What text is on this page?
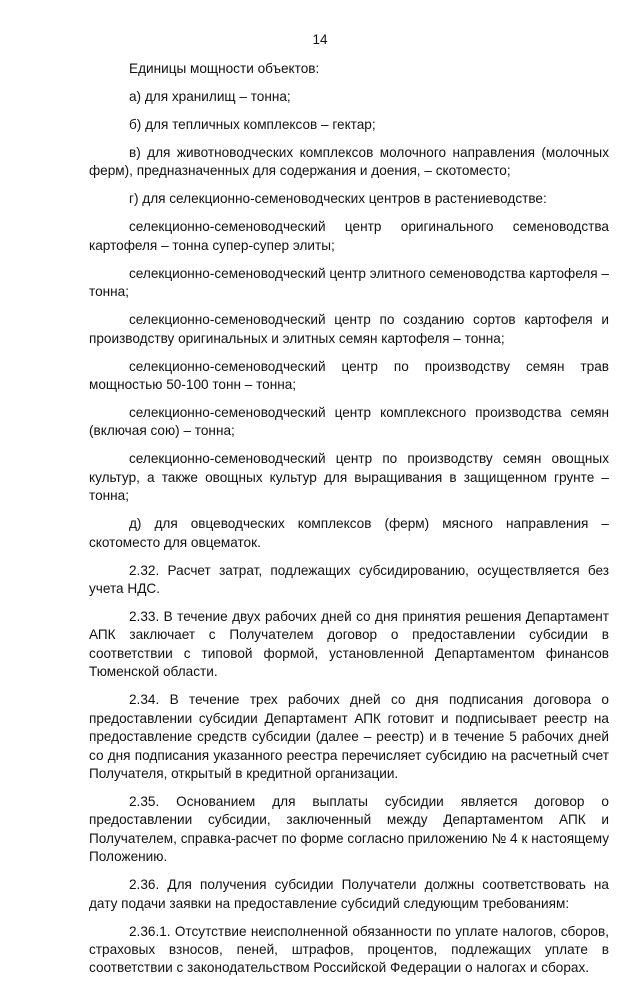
14

Единицы мощности объектов:

а) для хранилищ – тонна;

б) для тепличных комплексов – гектар;

в) для животноводческих комплексов молочного направления (молочных ферм), предназначенных для содержания и доения, – скотоместо;

г) для селекционно-семеноводческих центров в растениеводстве:

селекционно-семеноводческий центр оригинального семеноводства картофеля – тонна супер-супер элиты;

селекционно-семеноводческий центр элитного семеноводства картофеля – тонна;

селекционно-семеноводческий центр по созданию сортов картофеля и производству оригинальных и элитных семян картофеля – тонна;

селекционно-семеноводческий центр по производству семян трав мощностью 50-100 тонн – тонна;

селекционно-семеноводческий центр комплексного производства семян (включая сою) – тонна;

селекционно-семеноводческий центр по производству семян овощных культур, а также овощных культур для выращивания в защищенном грунте – тонна;

д) для овцеводческих комплексов (ферм) мясного направления – скотоместо для овцематок.

2.32. Расчет затрат, подлежащих субсидированию, осуществляется без учета НДС.

2.33. В течение двух рабочих дней со дня принятия решения Департамент АПК заключает с Получателем договор о предоставлении субсидии в соответствии с типовой формой, установленной Департаментом финансов Тюменской области.

2.34. В течение трех рабочих дней со дня подписания договора о предоставлении субсидии Департамент АПК готовит и подписывает реестр на предоставление средств субсидии (далее – реестр) и в течение 5 рабочих дней со дня подписания указанного реестра перечисляет субсидию на расчетный счет Получателя, открытый в кредитной организации.

2.35. Основанием для выплаты субсидии является договор о предоставлении субсидии, заключенный между Департаментом АПК и Получателем, справка-расчет по форме согласно приложению № 4 к настоящему Положению.

2.36. Для получения субсидии Получатели должны соответствовать на дату подачи заявки на предоставление субсидий следующим требованиям:

2.36.1. Отсутствие неисполненной обязанности по уплате налогов, сборов, страховых взносов, пеней, штрафов, процентов, подлежащих уплате в соответствии с законодательством Российской Федерации о налогах и сборах.
